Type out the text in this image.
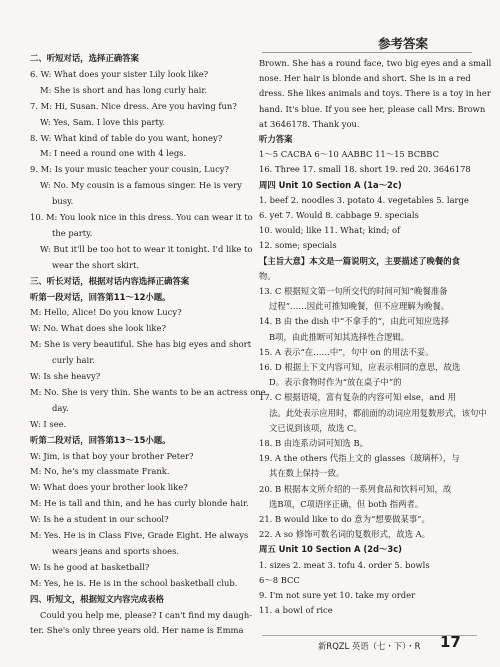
参考答案
二、听短对话，选择正确答案
6. W: What does your sister Lily look like?
M: She is short and has long curly hair.
7. M: Hi, Susan. Nice dress. Are you having fun?
W: Yes, Sam. I love this party.
8. W: What kind of table do you want, honey?
M: I need a round one with 4 legs.
9. M: Is your music teacher your cousin, Lucy?
W: No. My cousin is a famous singer. He is very
busy.
10. M: You look nice in this dress. You can wear it to
the party.
W: But it'll be too hot to wear it tonight. I'd like to
wear the short skirt.
三、听长对话，根据对话内容选择正确答案
听第一段对话，回答第11～12小题。
M: Hello, Alice! Do you know Lucy?
W: No. What does she look like?
M: She is very beautiful. She has big eyes and short
curly hair.
W: Is she heavy?
M: No. She is very thin. She wants to be an actress one
day.
W: I see.
听第二段对话，回答第13～15小题。
W: Jim, is that boy your brother Peter?
M: No, he's my classmate Frank.
W: What does your brother look like?
M: He is tall and thin, and he has curly blonde hair.
W: Is he a student in our school?
M: Yes. He is in Class Five, Grade Eight. He always
wears jeans and sports shoes.
W: Is he good at basketball?
M: Yes, he is. He is in the school basketball club.
四、听短文，根据短文内容完成表格
Could you help me, please? I can't find my daugh-
ter. She's only three years old. Her name is Emma
Brown. She has a round face, two big eyes and a small
nose. Her hair is blonde and short. She is in a red
dress. She likes animals and toys. There is a toy in her
hand. It's blue. If you see her, please call Mrs. Brown
at 3646178. Thank you.
听力答案
1～5 CACBA 6～10 AABBC 11～15 BCBBC
16. Three 17. small 18. short 19. red 20. 3646178
周四 Unit 10 Section A (1a～2c)
1. beef 2. noodles 3. potato 4. vegetables 5. large
6. yet 7. Would 8. cabbage 9. specials
10. would; like 11. What; kind; of
12. some; specials
【主旨大意】本文是一篇说明文，主要描述了晚餐的食
物。
13. C 根据短文第一句所交代的时间可知“晚餐准备
过程”……因此可推知晚餐，但不应理解为晚餐。
14. B 由 the dish 中“不拿手的”，由此可知应选择
B项，由此推断可知其选择性合逻辑。
15. A 表示“在……中”，句中 on 的用法不妥。
16. D 根据上下文内容可知，应表示相同的意思，故选
D。表示食物时作为“放在桌子中”的
17. C 根据语境，富有复杂的内容可知 else，and 用
法。此处表示应用时，都前面的动词应用复数形式，该句中
文已说到该项，故选 C。
18. B 由连系动词可知选 B。
19. A the others 代指上文的 glasses（玻璃杯），与
其在数上保持一致。
20. B 根据本文所介绍的一系列食品和饮料可知，故
选B项，C项语序正确，但 both 指两者。
21. B would like to do 意为“想要做某事”。
22. A so 修饰可数名词的复数形式，故选 A。
周五 Unit 10 Section A (2d～3c)
1. sizes 2. meat 3. tofu 4. order 5. bowls
6～8 BCC
9. I'm not sure yet 10. take my order
11. a bowl of rice
新RQZL 英语（七・下）・R 17
